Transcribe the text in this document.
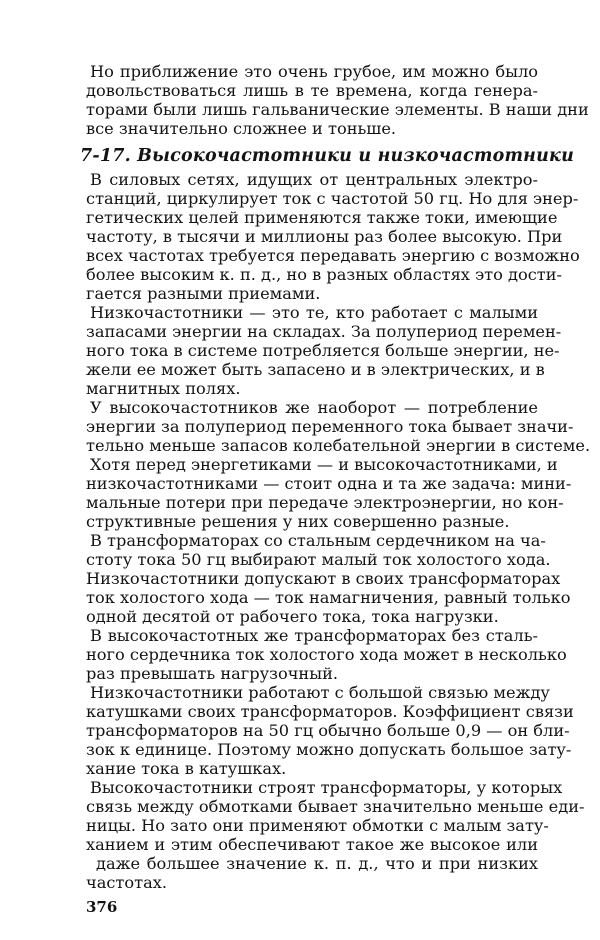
Но приближение это очень грубое, им можно было
довольствоваться лишь в те времена, когда генера-
торами были лишь гальванические элементы. В наши дни
все значительно сложнее и тоньше.
7-17. Высокочастотники и низкочастотники
В силовых сетях, идущих от центральных электро-
станций, циркулирует ток с частотой 50 гц. Но для энер-
гетических целей применяются также токи, имеющие
частоту, в тысячи и миллионы раз более высокую. При
всех частотах требуется передавать энергию с возможно
более высоким к. п. д., но в разных областях это дости-
гается разными приемами.
Низкочастотники — это те, кто работает с малыми
запасами энергии на складах. За полупериод перемен-
ного тока в системе потребляется больше энергии, не-
жели ее может быть запасено и в электрических, и в
магнитных полях.
У высокочастотников же наоборот — потребление
энергии за полупериод переменного тока бывает значи-
тельно меньше запасов колебательной энергии в системе.
Хотя перед энергетиками — и высокочастотниками, и
низкочастотниками — стоит одна и та же задача: мини-
мальные потери при передаче электроэнергии, но кон-
структивные решения у них совершенно разные.
В трансформаторах со стальным сердечником на ча-
стоту тока 50 гц выбирают малый ток холостого хода.
Низкочастотники допускают в своих трансформаторах
ток холостого хода — ток намагничения, равный только
одной десятой от рабочего тока, тока нагрузки.
В высокочастотных же трансформаторах без сталь-
ного сердечника ток холостого хода может в несколько
раз превышать нагрузочный.
Низкочастотники работают с большой связью между
катушками своих трансформаторов. Коэффициент связи
трансформаторов на 50 гц обычно больше 0,9 — он бли-
зок к единице. Поэтому можно допускать большое зату-
хание тока в катушках.
Высокочастотники строят трансформаторы, у которых
связь между обмотками бывает значительно меньше еди-
ницы. Но зато они применяют обмотки с малым зату-
ханием и этим обеспечивают такое же высокое или
даже большее значение к. п. д., что и при низких
частотах.
376
